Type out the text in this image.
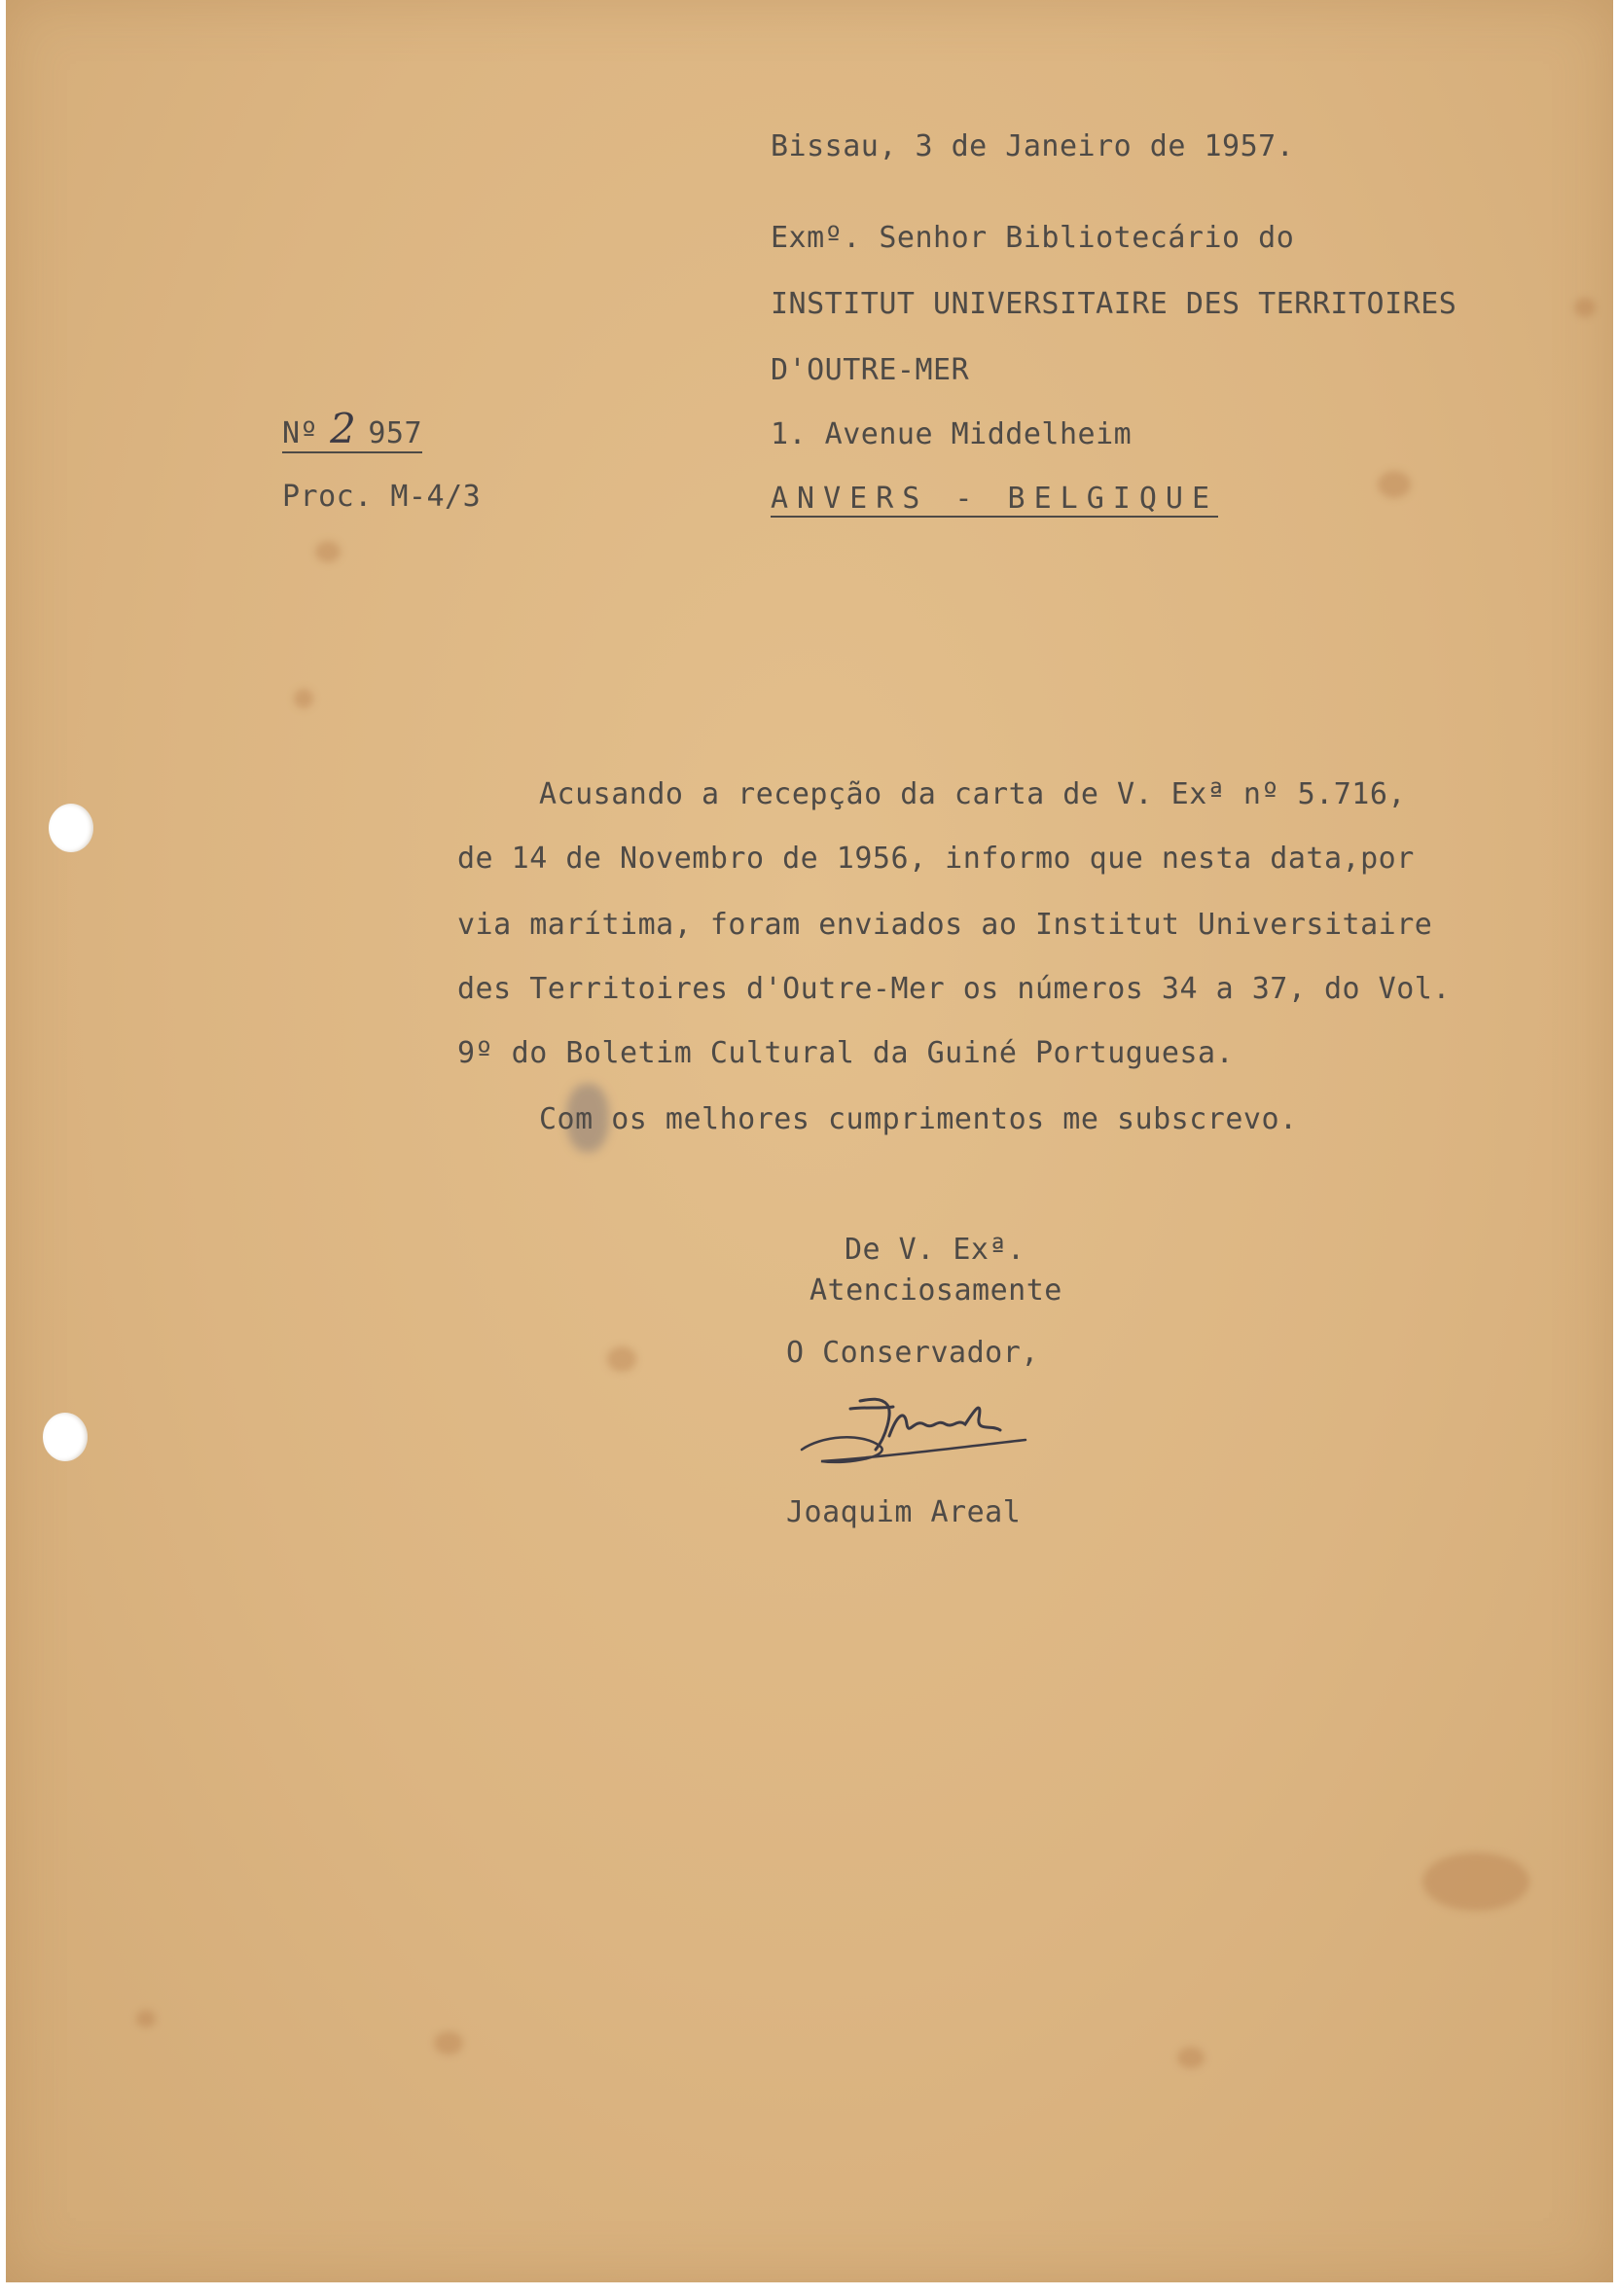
Bissau, 3 de Janeiro de 1957.
Exmº. Senhor Bibliotecário do
INSTITUT UNIVERSITAIRE DES TERRITOIRES
D'OUTRE-MER
1. Avenue Middelheim
ANVERS - BELGIQUE
Nº 2 957
Proc. M-4/3
Acusando a recepção da carta de V. Exª nº 5.716,
de 14 de Novembro de 1956, informo que nesta data,por
via marítima, foram enviados ao Institut Universitaire
des Territoires d'Outre-Mer os números 34 a 37, do Vol.
9º do Boletim Cultural da Guiné Portuguesa.
Com os melhores cumprimentos me subscrevo.
De V. Exª.
Atenciosamente
O Conservador,
Joaquim Areal
